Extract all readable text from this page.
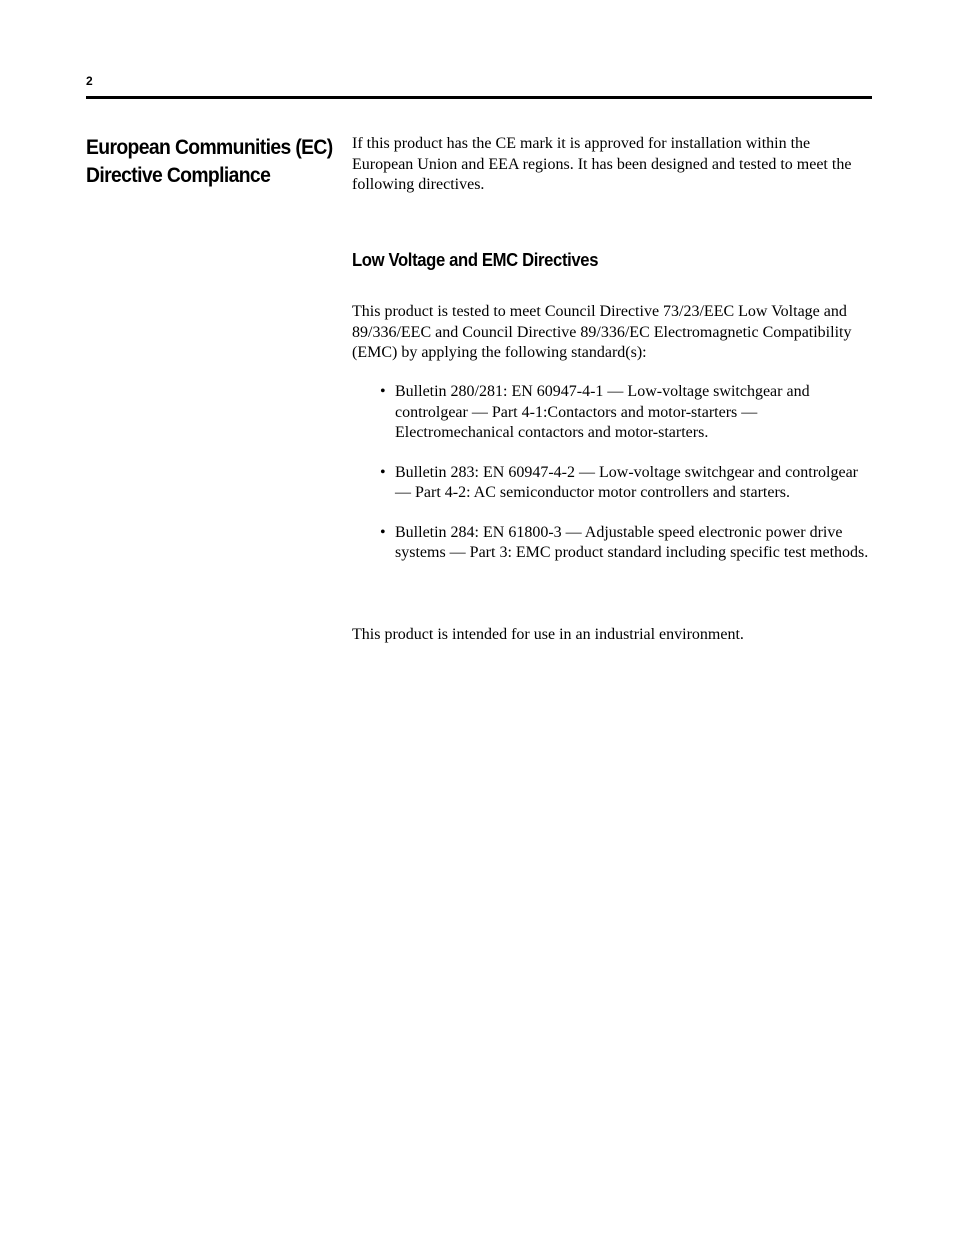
2
European Communities (EC)
Directive Compliance

If this product has the CE mark it is approved for installation within the European Union and EEA regions. It has been designed and tested to meet the following directives.

Low Voltage and EMC Directives

This product is tested to meet Council Directive 73/23/EEC Low Voltage and 89/336/EEC and Council Directive 89/336/EC Electromagnetic Compatibility (EMC) by applying the following standard(s):

• Bulletin 280/281: EN 60947-4-1 — Low-voltage switchgear and controlgear — Part 4-1:Contactors and motor-starters — Electromechanical contactors and motor-starters.
• Bulletin 283: EN 60947-4-2 — Low-voltage switchgear and controlgear — Part 4-2: AC semiconductor motor controllers and starters.
• Bulletin 284: EN 61800-3 — Adjustable speed electronic power drive systems — Part 3: EMC product standard including specific test methods.

This product is intended for use in an industrial environment.
